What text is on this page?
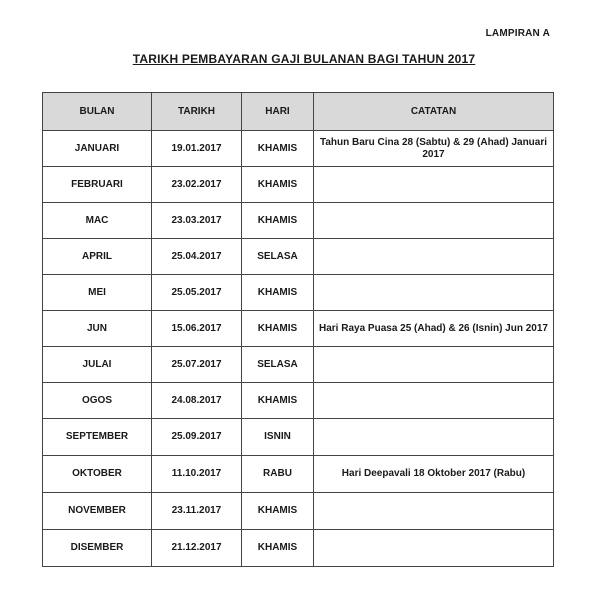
LAMPIRAN A
TARIKH PEMBAYARAN GAJI BULANAN BAGI TAHUN 2017
BULAN	TARIKH	HARI	CATATAN
JANUARI	19.01.2017	KHAMIS	Tahun Baru Cina 28 (Sabtu) & 29 (Ahad) Januari 2017
FEBRUARI	23.02.2017	KHAMIS	
MAC	23.03.2017	KHAMIS	
APRIL	25.04.2017	SELASA	
MEI	25.05.2017	KHAMIS	
JUN	15.06.2017	KHAMIS	Hari Raya Puasa 25 (Ahad) & 26 (Isnin) Jun 2017
JULAI	25.07.2017	SELASA	
OGOS	24.08.2017	KHAMIS	
SEPTEMBER	25.09.2017	ISNIN	
OKTOBER	11.10.2017	RABU	Hari Deepavali 18 Oktober 2017 (Rabu)
NOVEMBER	23.11.2017	KHAMIS	
DISEMBER	21.12.2017	KHAMIS	
